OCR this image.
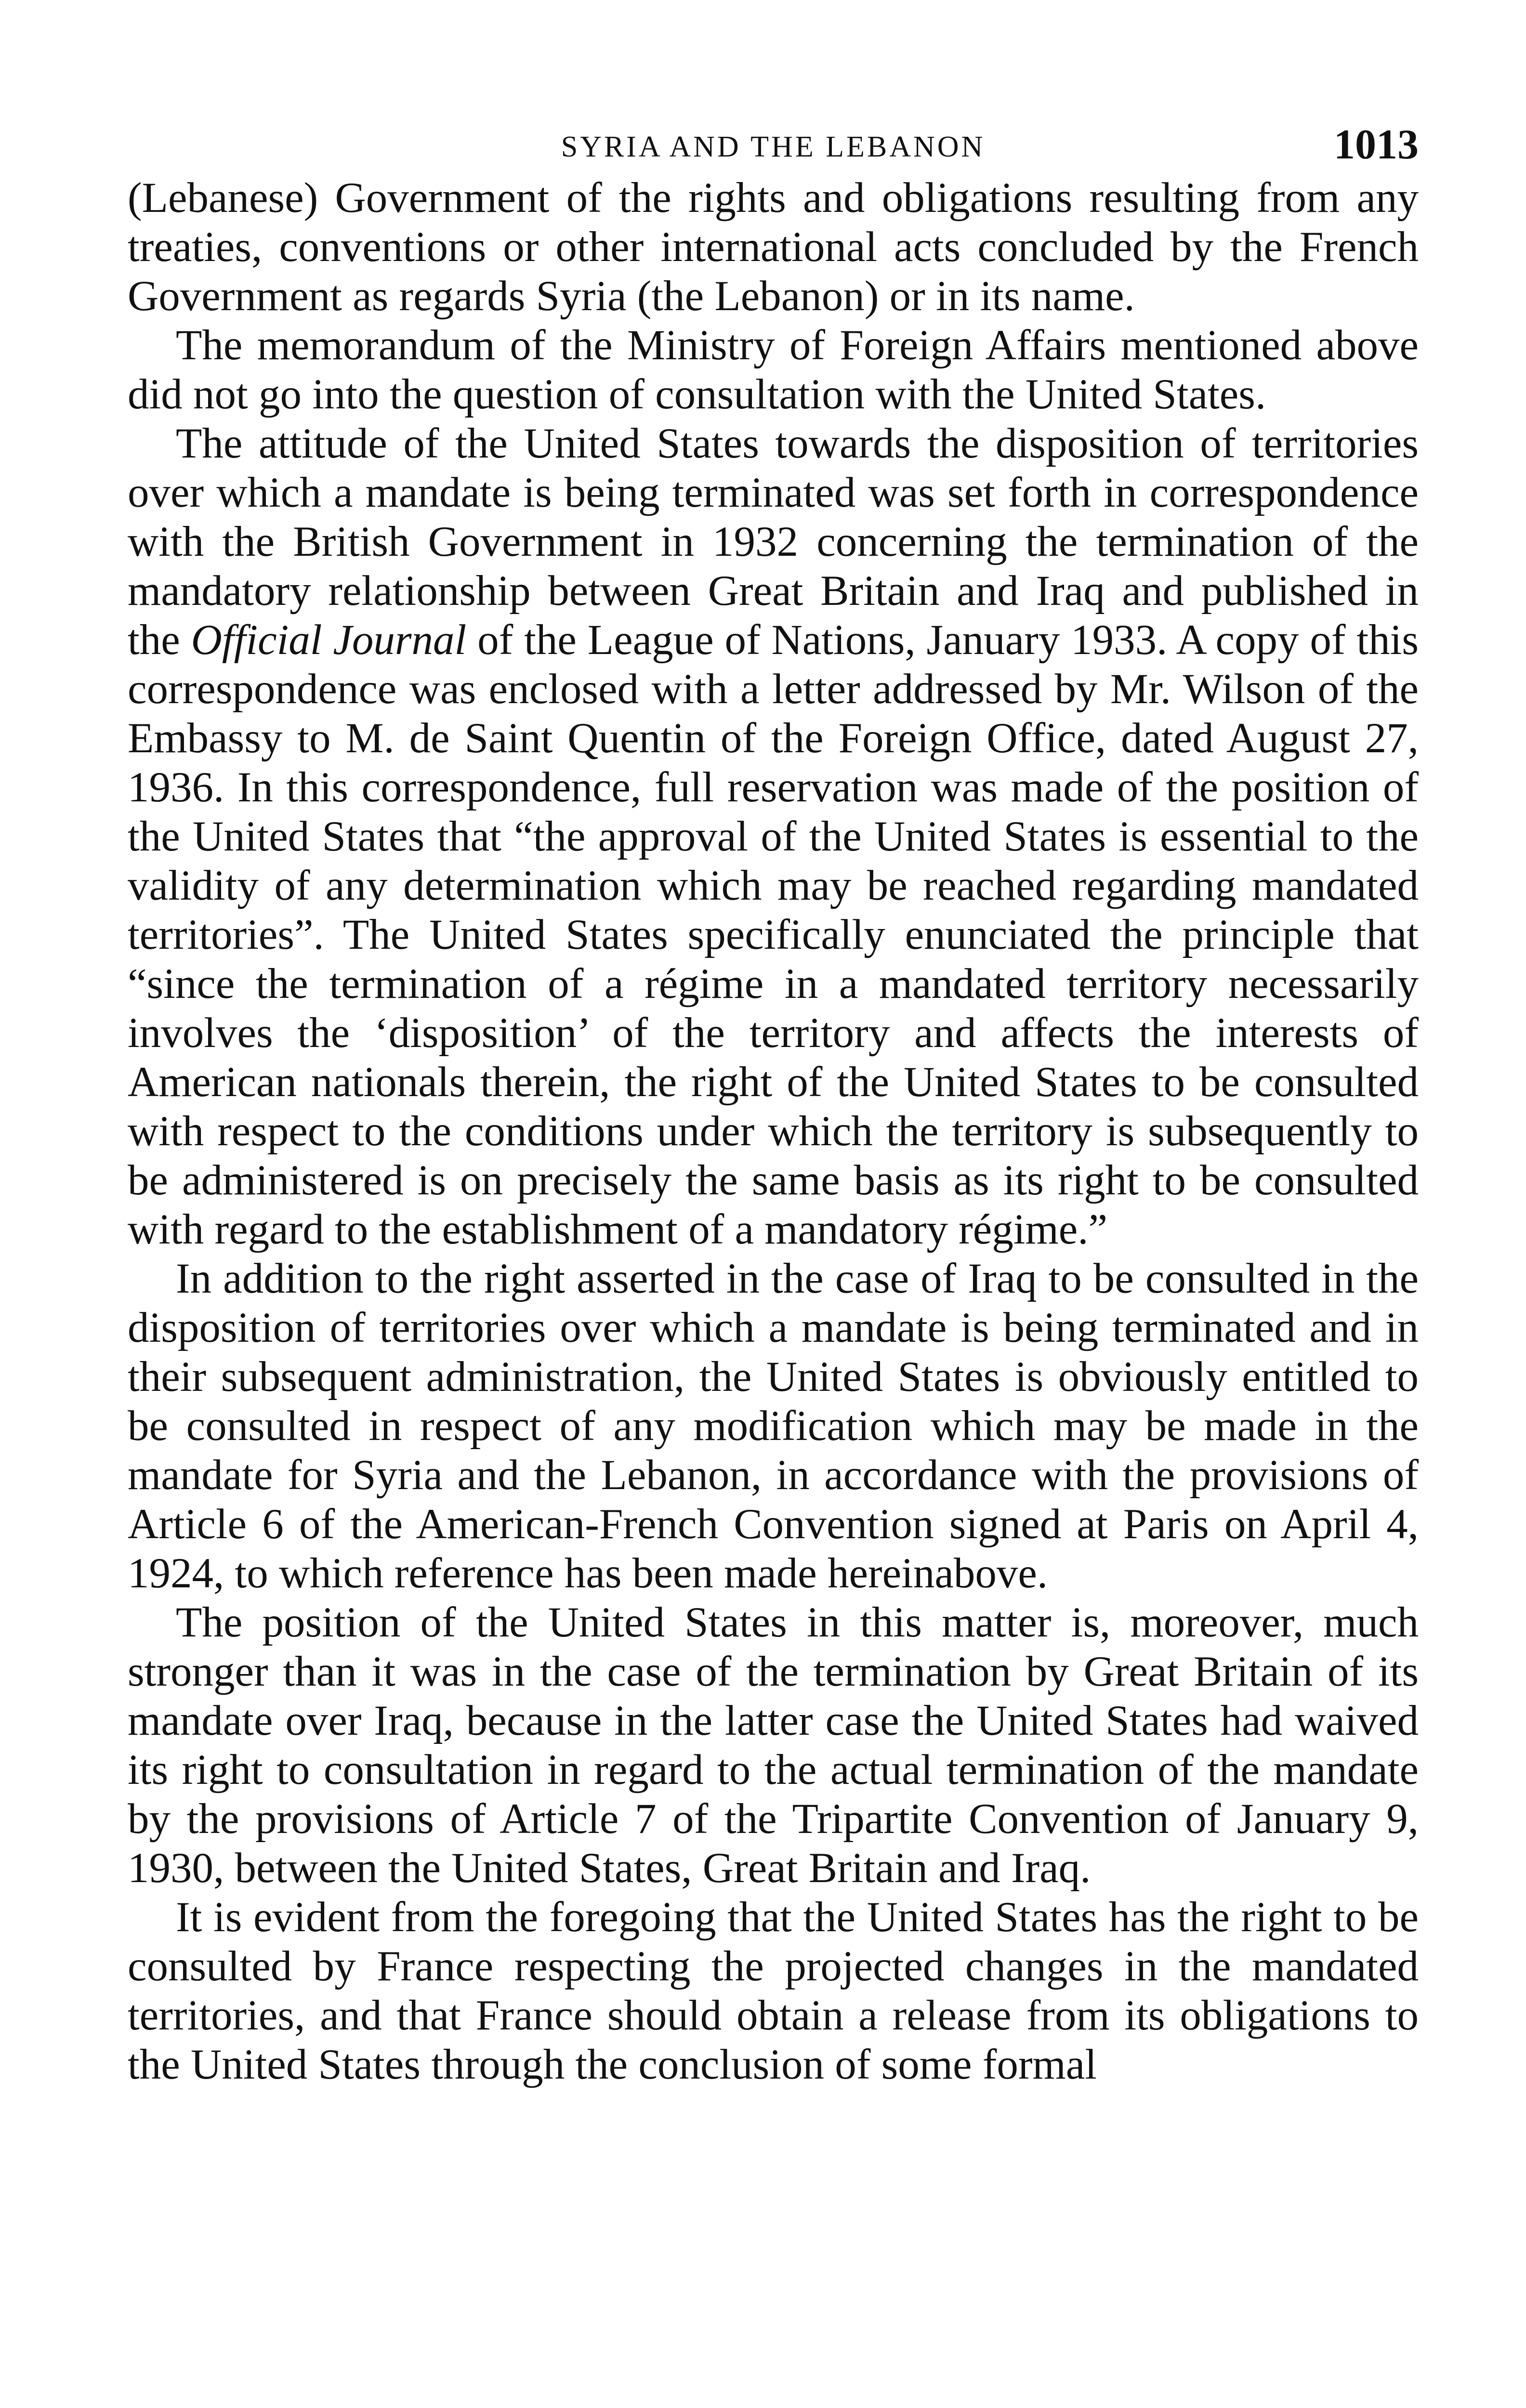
SYRIA AND THE LEBANON	1013

(Lebanese) Government of the rights and obligations resulting from any treaties, conventions or other international acts concluded by the French Government as regards Syria (the Lebanon) or in its name.

The memorandum of the Ministry of Foreign Affairs mentioned above did not go into the question of consultation with the United States.

The attitude of the United States towards the disposition of territories over which a mandate is being terminated was set forth in correspondence with the British Government in 1932 concerning the termination of the mandatory relationship between Great Britain and Iraq and published in the Official Journal of the League of Nations, January 1933. A copy of this correspondence was enclosed with a letter addressed by Mr. Wilson of the Embassy to M. de Saint Quentin of the Foreign Office, dated August 27, 1936. In this correspondence, full reservation was made of the position of the United States that “the approval of the United States is essential to the validity of any determination which may be reached regarding mandated territories”. The United States specifically enunciated the principle that “since the termination of a régime in a mandated territory necessarily involves the ‘disposition’ of the territory and affects the interests of American nationals therein, the right of the United States to be consulted with respect to the conditions under which the territory is subsequently to be administered is on precisely the same basis as its right to be consulted with regard to the establishment of a mandatory régime.”

In addition to the right asserted in the case of Iraq to be consulted in the disposition of territories over which a mandate is being terminated and in their subsequent administration, the United States is obviously entitled to be consulted in respect of any modification which may be made in the mandate for Syria and the Lebanon, in accordance with the provisions of Article 6 of the American-French Convention signed at Paris on April 4, 1924, to which reference has been made hereinabove.

The position of the United States in this matter is, moreover, much stronger than it was in the case of the termination by Great Britain of its mandate over Iraq, because in the latter case the United States had waived its right to consultation in regard to the actual termination of the mandate by the provisions of Article 7 of the Tripartite Convention of January 9, 1930, between the United States, Great Britain and Iraq.

It is evident from the foregoing that the United States has the right to be consulted by France respecting the projected changes in the mandated territories, and that France should obtain a release from its obligations to the United States through the conclusion of some formal
